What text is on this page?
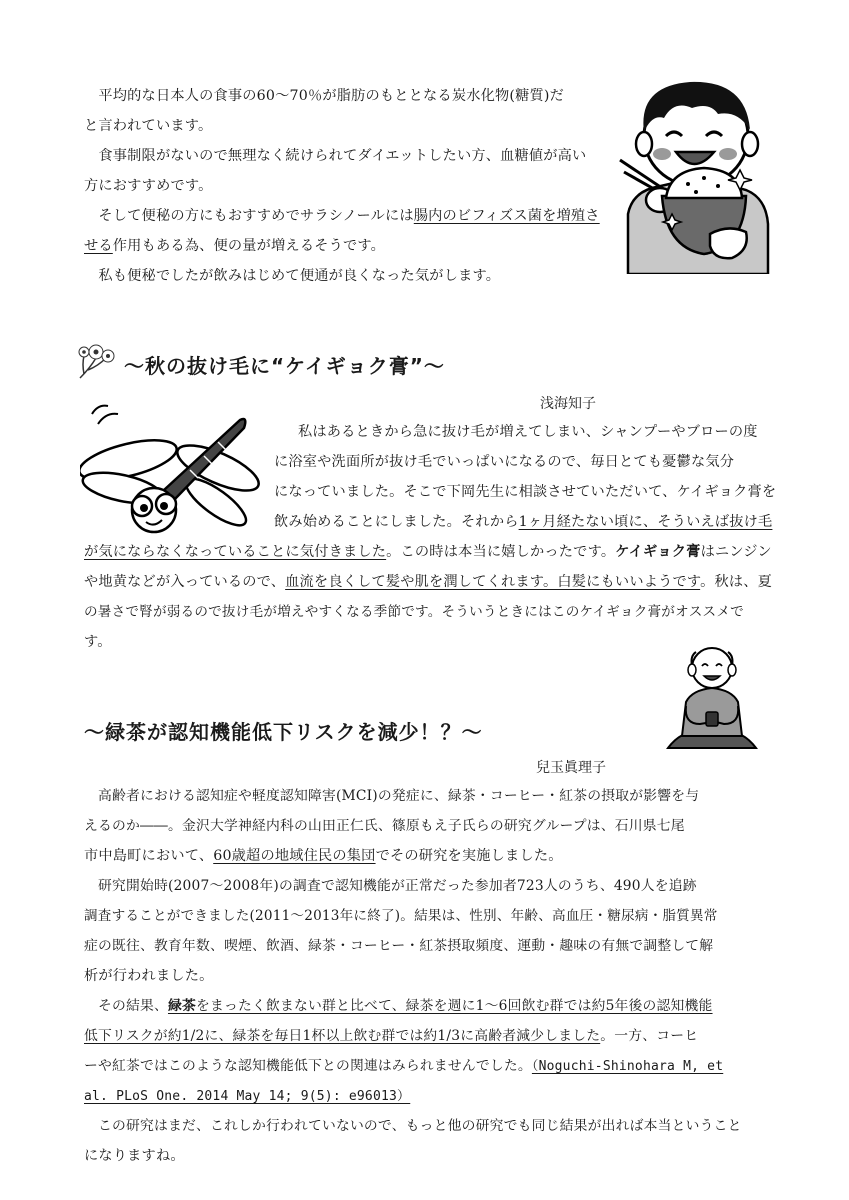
　平均的な日本人の食事の60～70％が脂肪のもととなる炭水化物(糖質)だ
と言われています。
　食事制限がないので無理なく続けられてダイエットしたい方、血糖値が高い
方におすすめです。
　そして便秘の方にもおすすめでサラシノールには腸内のビフィズス菌を増殖さ
せる作用もある為、便の量が増えるそうです。
　私も便秘でしたが飲みはじめて便通が良くなった気がします。
～秋の抜け毛に“ケイギョク膏”～
浅海知子
私はあるときから急に抜け毛が増えてしまい、シャンプーやブローの度
に浴室や洗面所が抜け毛でいっぱいになるので、毎日とても憂鬱な気分
になっていました。そこで下岡先生に相談させていただいて、ケイギョク膏を
飲み始めることにしました。それから1ヶ月経たない頃に、そういえば抜け毛
が気にならなくなっていることに気付きました。この時は本当に嬉しかったです。ケイギョク膏はニンジン
や地黄などが入っているので、血流を良くして髪や肌を潤してくれます。白髪にもいいようです。秋は、夏
の暑さで腎が弱るので抜け毛が増えやすくなる季節です。そういうときにはこのケイギョク膏がオススメで
す。
～緑茶が認知機能低下リスクを減少！？～
兒玉眞理子
　高齢者における認知症や軽度認知障害(MCI)の発症に、緑茶・コーヒー・紅茶の摂取が影響を与
えるのか――。金沢大学神経内科の山田正仁氏、篠原もえ子氏らの研究グループは、石川県七尾
市中島町において、60歳超の地域住民の集団でその研究を実施しました。
　研究開始時(2007～2008年)の調査で認知機能が正常だった参加者723人のうち、490人を追跡
調査することができました(2011～2013年に終了)。結果は、性別、年齢、高血圧・糖尿病・脂質異常
症の既往、教育年数、喫煙、飲酒、緑茶・コーヒー・紅茶摂取頻度、運動・趣味の有無で調整して解
析が行われました。
　その結果、緑茶をまったく飲まない群と比べて、緑茶を週に1～6回飲む群では約5年後の認知機能
低下リスクが約1/2に、緑茶を毎日1杯以上飲む群では約1/3に高齢者減少しました。一方、コーヒ
ーや紅茶ではこのような認知機能低下との関連はみられませんでした。（Noguchi-Shinohara M, et
al. PLoS One. 2014 May 14; 9(5): e96013）
　この研究はまだ、これしか行われていないので、もっと他の研究でも同じ結果が出れば本当ということ
になりますね。
